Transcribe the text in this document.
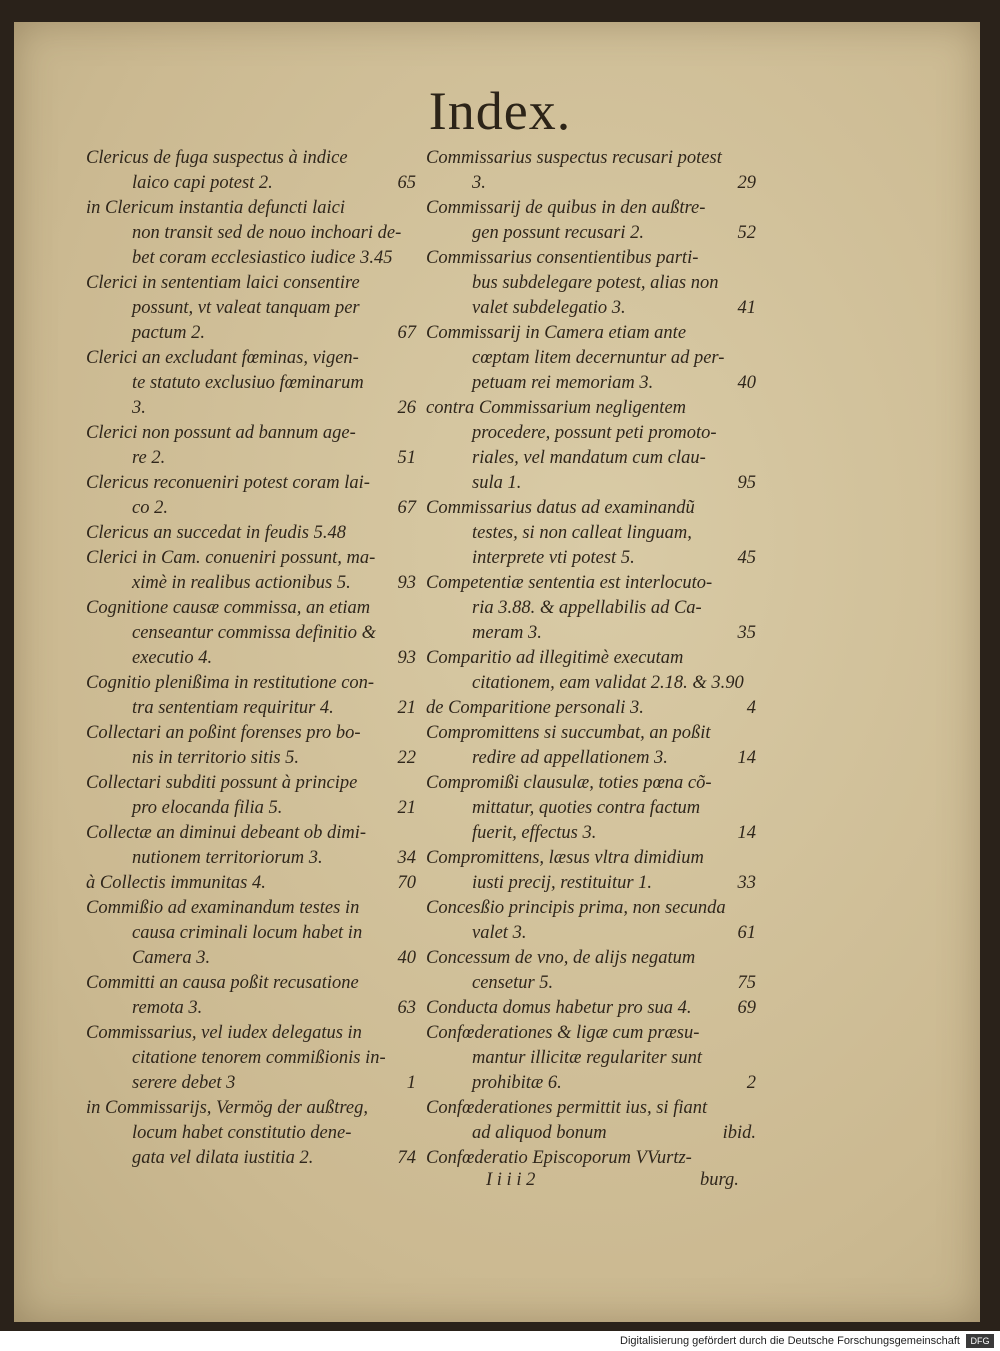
Index.
Clericus de fuga suspectus à indice
laico capi potest 2.	65
in Clericum instantia defuncti laici
non transit sed de nouo inchoari de-
bet coram ecclesiastico iudice 3.45
Clerici in sententiam laici consentire
possunt, vt valeat tanquam per
pactum 2.	67
Clerici an excludant fœminas, vigen-
te statuto exclusiuo fœminarum
3.	26
Clerici non possunt ad bannum age-
re 2.	51
Clericus reconueniri potest coram lai-
co 2.	67
Clericus an succedat in feudis 5.48
Clerici in Cam. conueniri possunt, ma-
ximè in realibus actionibus 5.	93
Cognitione causæ commissa, an etiam
censeantur commissa definitio &
executio 4.	93
Cognitio plenißima in restitutione con-
tra sententiam requiritur 4.	21
Collectari an poßint forenses pro bo-
nis in territorio sitis 5.	22
Collectari subditi possunt à principe
pro elocanda filia 5.	21
Collectæ an diminui debeant ob dimi-
nutionem territoriorum 3.	34
à Collectis immunitas 4.	70
Commißio ad examinandum testes in
causa criminali locum habet in
Camera 3.	40
Committi an causa poßit recusatione
remota 3.	63
Commissarius, vel iudex delegatus in
citatione tenorem commißionis in-
serere debet 3	1
in Commissarijs, Vermög der außtreg,
locum habet constitutio dene-
gata vel dilata iustitia 2.	74
Commissarius suspectus recusari potest
3.	29
Commissarij de quibus in den außtre-
gen possunt recusari 2.	52
Commissarius consentientibus parti-
bus subdelegare potest, alias non
valet subdelegatio 3.	41
Commissarij in Camera etiam ante
cœptam litem decernuntur ad per-
petuam rei memoriam 3.	40
contra Commissarium negligentem
procedere, possunt peti promoto-
riales, vel mandatum cum clau-
sula 1.	95
Commissarius datus ad examinandũ
testes, si non calleat linguam,
interprete vti potest 5.	45
Competentiæ sententia est interlocuto-
ria 3.88. & appellabilis ad Ca-
meram 3.	35
Comparitio ad illegitimè executam
citationem, eam validat 2.18. & 3.90
de Comparitione personali 3.	4
Compromittens si succumbat, an poßit
redire ad appellationem 3.	14
Compromißi clausulæ, toties pœna cõ-
mittatur, quoties contra factum
fuerit, effectus 3.	14
Compromittens, læsus vltra dimidium
iusti precij, restituitur 1.	33
Concesßio principis prima, non secunda
valet 3.	61
Concessum de vno, de alijs negatum
censetur 5.	75
Conducta domus habetur pro sua 4. 69
Confœderationes & ligæ cum præsu-
mantur illicitæ regulariter sunt
prohibitæ 6.	2
Confœderationes permittit ius, si fiant
ad aliquod bonum	ibid.
Confœderatio Episcoporum VVurtz-
I i i i 2	burg.
Digitalisierung gefördert durch die Deutsche Forschungsgemeinschaft	DFG
